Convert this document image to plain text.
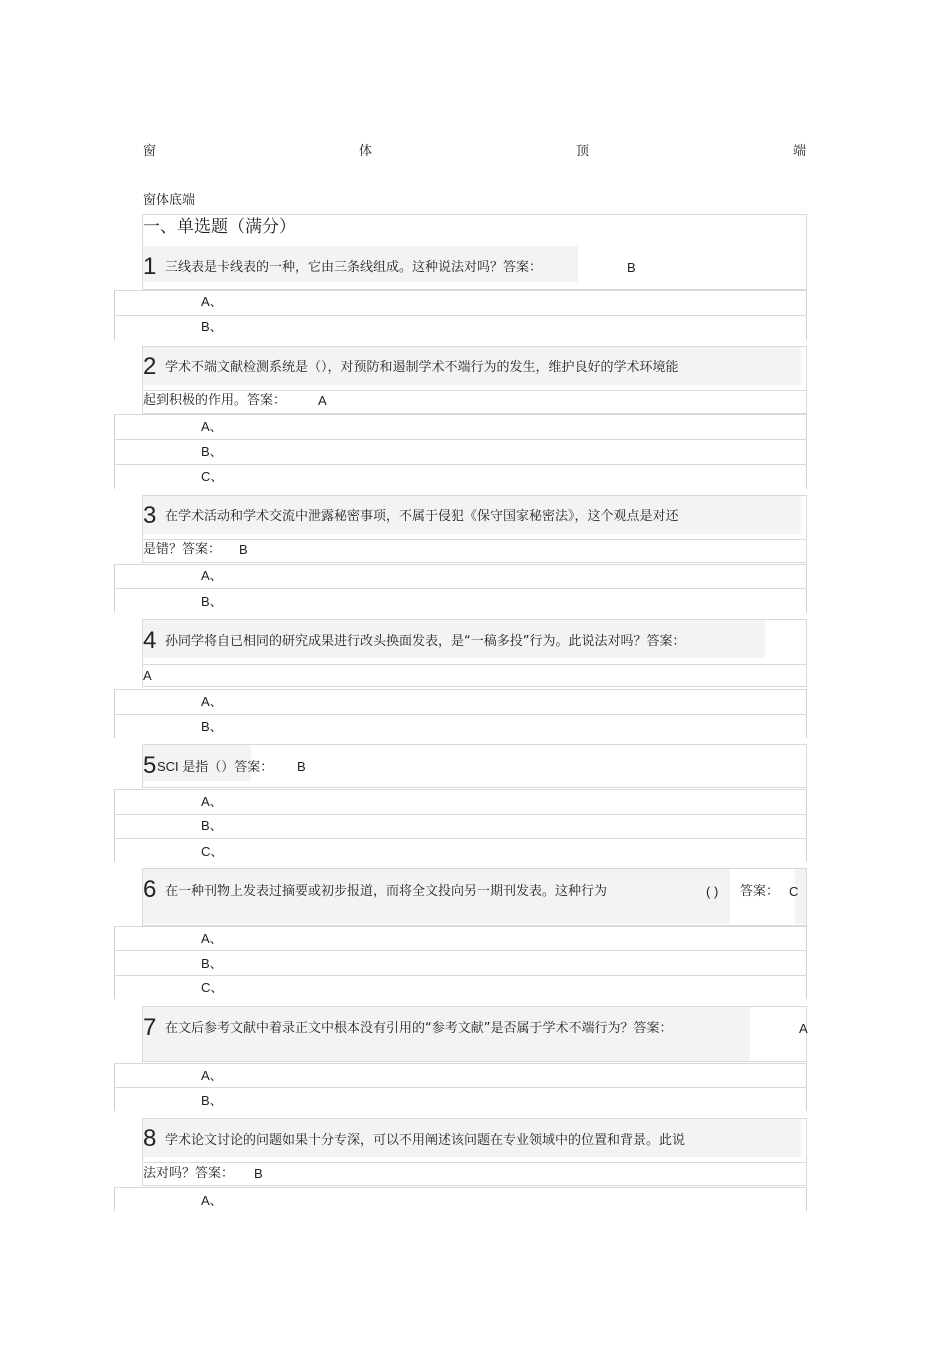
窗	体	顶	端
窗体底端
一、单选题（满分）
1 三线表是卡线表的一种，它由三条线组成。这种说法对吗？答案：	B
A、
B、
2 学术不端文献检测系统是（），对预防和遏制学术不端行为的发生，维护良好的学术环境能
起到积极的作用。答案： A
A、
B、
C、
3 在学术活动和学术交流中泄露秘密事项，不属于侵犯《保守国家秘密法》，这个观点是对还
是错？答案： B
A、
B、
4 孙同学将自已相同的研究成果进行改头换面发表，是“一稿多投”行为。此说法对吗？答案：
A
A、
B、
5 SCI 是指（）答案： B
A、
B、
C、
6 在一种刊物上发表过摘要或初步报道，而将全文投向另一期刊发表。这种行为	( ) 答案： C
A、
B、
C、
7 在文后参考文献中着录正文中根本没有引用的“参考文献”是否属于学术不端行为？答案：	A
A、
B、
8 学术论文讨论的问题如果十分专深，可以不用阐述该问题在专业领域中的位置和背景。此说
法对吗？答案： B
A、
